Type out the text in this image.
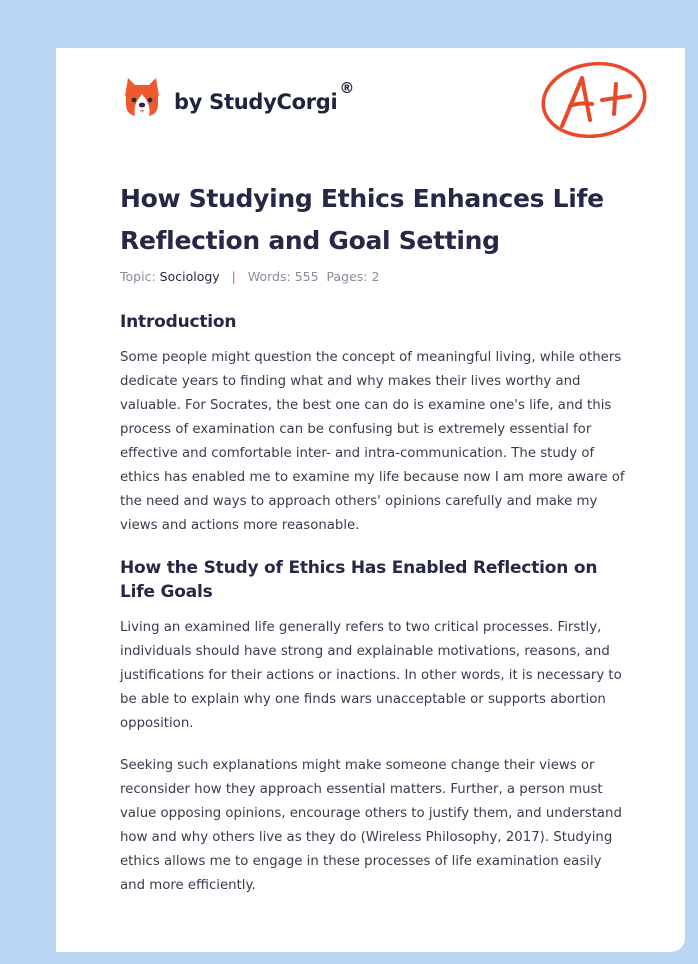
by StudyCorgi
®
How Studying Ethics Enhances Life Reflection and Goal Setting
Topic: Sociology | Words: 555 Pages: 2
Introduction

Some people might question the concept of meaningful living, while others dedicate years to finding what and why makes their lives worthy and valuable. For Socrates, the best one can do is examine one's life, and this process of examination can be confusing but is extremely essential for effective and comfortable inter- and intra-communication. The study of ethics has enabled me to examine my life because now I am more aware of the need and ways to approach others' opinions carefully and make my views and actions more reasonable.

How the Study of Ethics Has Enabled Reflection on Life Goals

Living an examined life generally refers to two critical processes. Firstly, individuals should have strong and explainable motivations, reasons, and justifications for their actions or inactions. In other words, it is necessary to be able to explain why one finds wars unacceptable or supports abortion opposition.

Seeking such explanations might make someone change their views or reconsider how they approach essential matters. Further, a person must value opposing opinions, encourage others to justify them, and understand how and why others live as they do (Wireless Philosophy, 2017). Studying ethics allows me to engage in these processes of life examination easily and more efficiently.
